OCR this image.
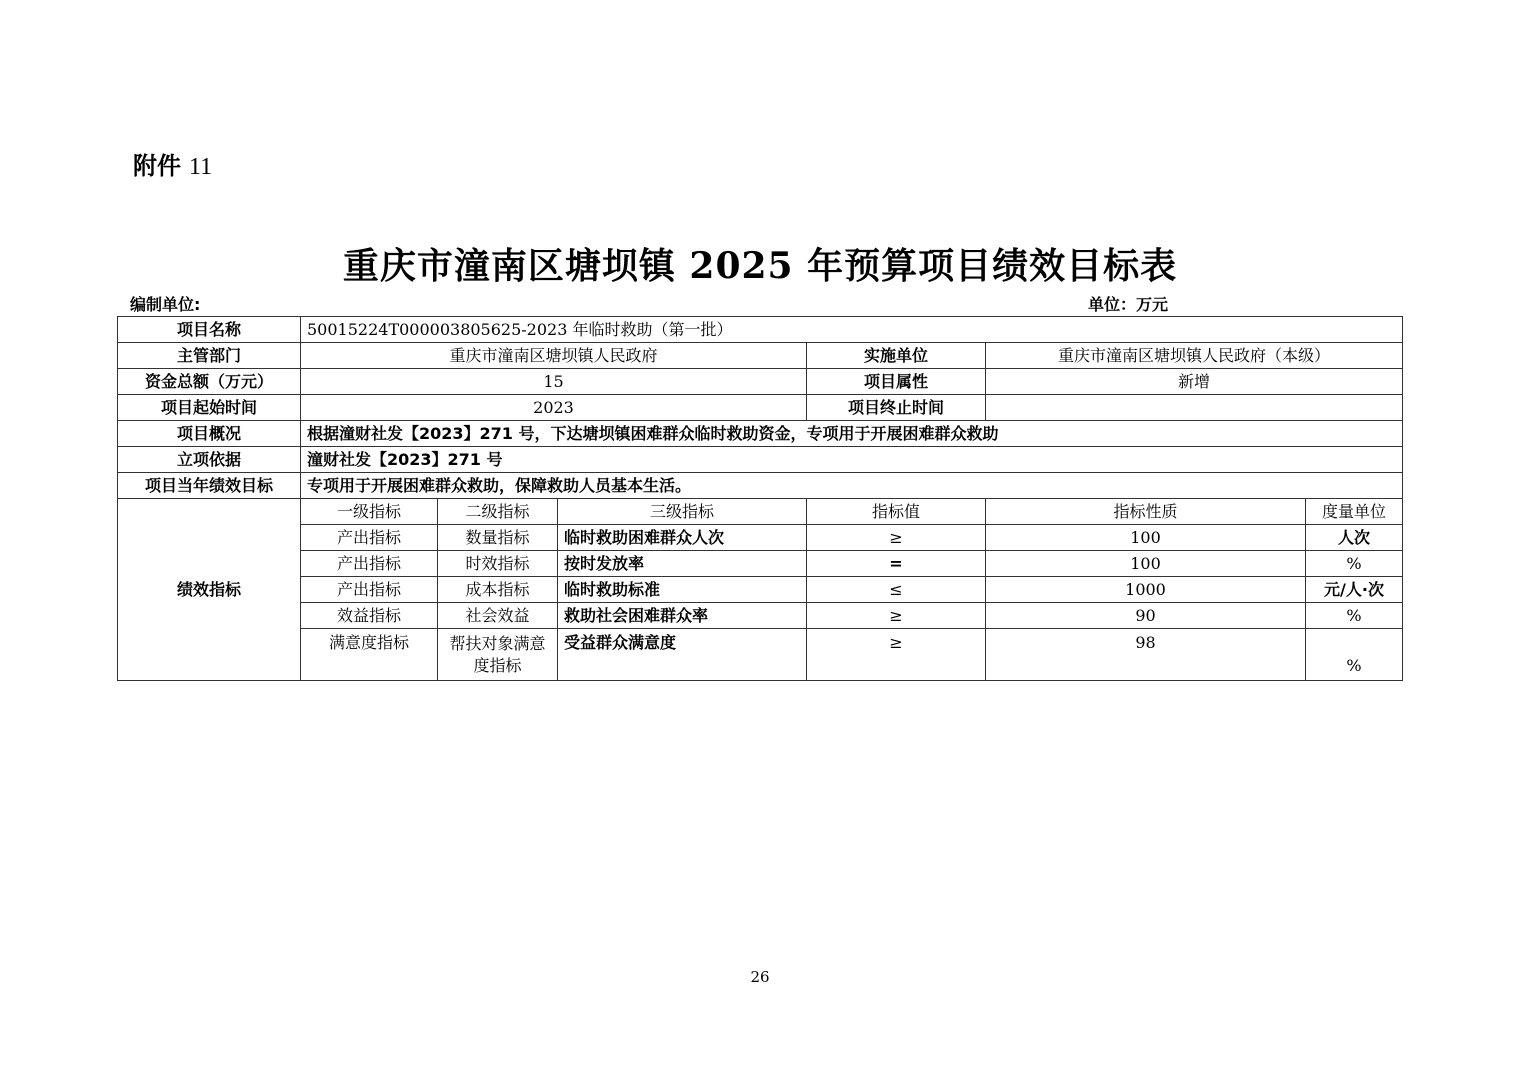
附件 11
重庆市潼南区塘坝镇 2025 年预算项目绩效目标表
编制单位:	单位：万元
项目名称	50015224T000003805625-2023 年临时救助（第一批）					
主管部门	重庆市潼南区塘坝镇人民政府			实施单位	重庆市潼南区塘坝镇人民政府（本级）	
资金总额（万元）	15			项目属性	新增	
项目起始时间	2023			项目终止时间		
项目概况	根据潼财社发【2023】271 号，下达塘坝镇困难群众临时救助资金，专项用于开展困难群众救助					
立项依据	潼财社发【2023】271 号					
项目当年绩效目标	专项用于开展困难群众救助，保障救助人员基本生活。					
绩效指标	一级指标	二级指标	三级指标	指标值	指标性质	度量单位
	产出指标	数量指标	临时救助困难群众人次	≥	100	人次
	产出指标	时效指标	按时发放率	=	100	%
	产出指标	成本指标	临时救助标准	≤	1000	元/人·次
	效益指标	社会效益	救助社会困难群众率	≥	90	%
	满意度指标	帮扶对象满意度指标	受益群众满意度	≥	98	%
26
